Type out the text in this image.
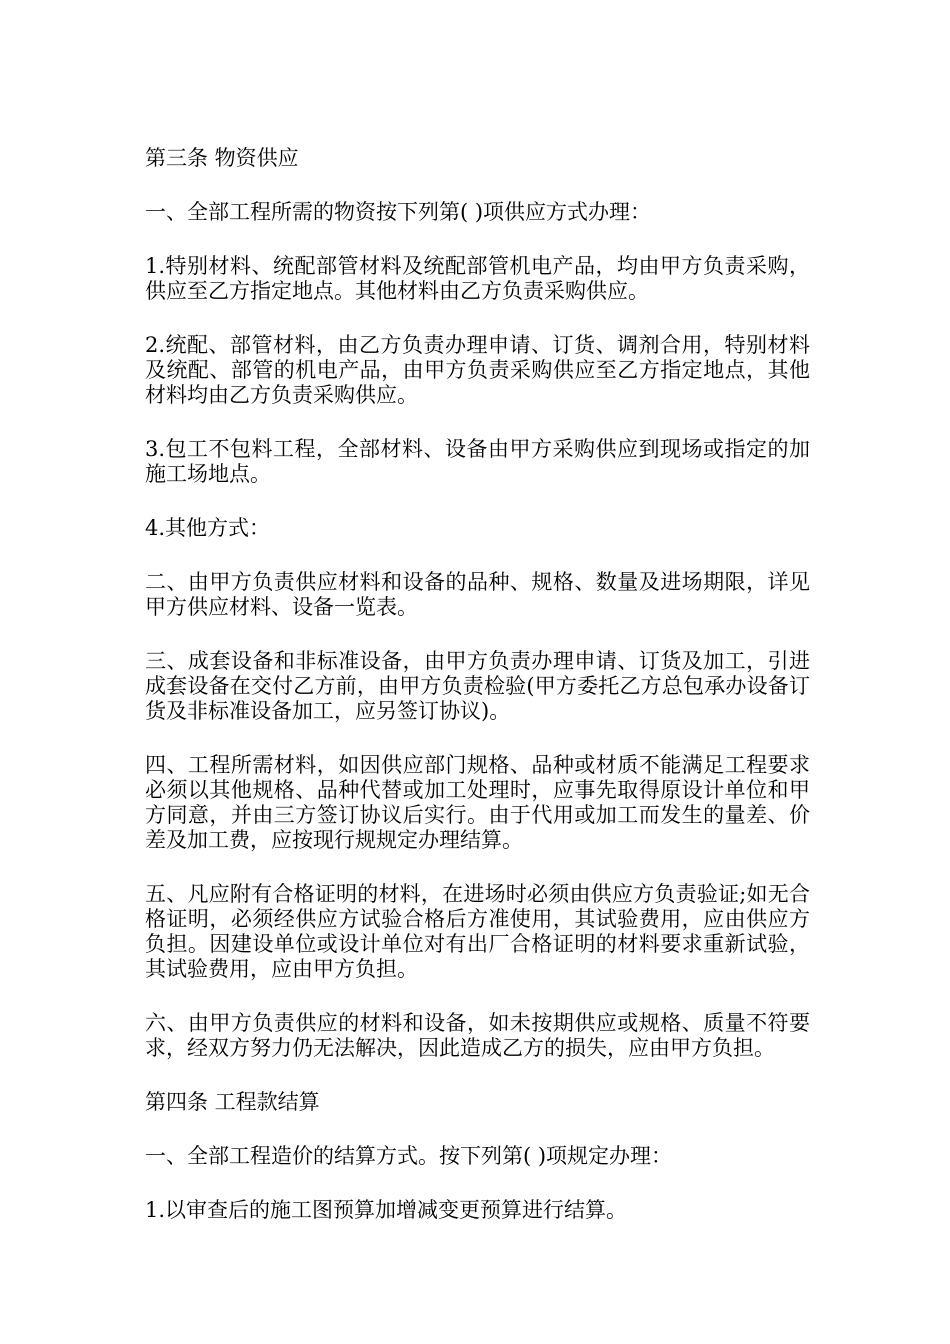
第三条 物资供应

一、全部工程所需的物资按下列第( )项供应方式办理：

1.特别材料、统配部管材料及统配部管机电产品，均由甲方负责采购，供应至乙方指定地点。其他材料由乙方负责采购供应。

2.统配、部管材料，由乙方负责办理申请、订货、调剂合用，特别材料及统配、部管的机电产品，由甲方负责采购供应至乙方指定地点，其他材料均由乙方负责采购供应。

3.包工不包料工程，全部材料、设备由甲方采购供应到现场或指定的加施工场地点。

4.其他方式：

二、由甲方负责供应材料和设备的品种、规格、数量及进场期限，详见甲方供应材料、设备一览表。

三、成套设备和非标准设备，由甲方负责办理申请、订货及加工，引进成套设备在交付乙方前，由甲方负责检验(甲方委托乙方总包承办设备订货及非标准设备加工，应另签订协议)。

四、工程所需材料，如因供应部门规格、品种或材质不能满足工程要求必须以其他规格、品种代替或加工处理时，应事先取得原设计单位和甲方同意，并由三方签订协议后实行。由于代用或加工而发生的量差、价差及加工费，应按现行规规定办理结算。

五、凡应附有合格证明的材料，在进场时必须由供应方负责验证;如无合格证明，必须经供应方试验合格后方准使用，其试验费用，应由供应方负担。因建设单位或设计单位对有出厂合格证明的材料要求重新试验，其试验费用，应由甲方负担。

六、由甲方负责供应的材料和设备，如未按期供应或规格、质量不符要求，经双方努力仍无法解决，因此造成乙方的损失，应由甲方负担。

第四条 工程款结算

一、全部工程造价的结算方式。按下列第( )项规定办理：

1.以审查后的施工图预算加增减变更预算进行结算。
